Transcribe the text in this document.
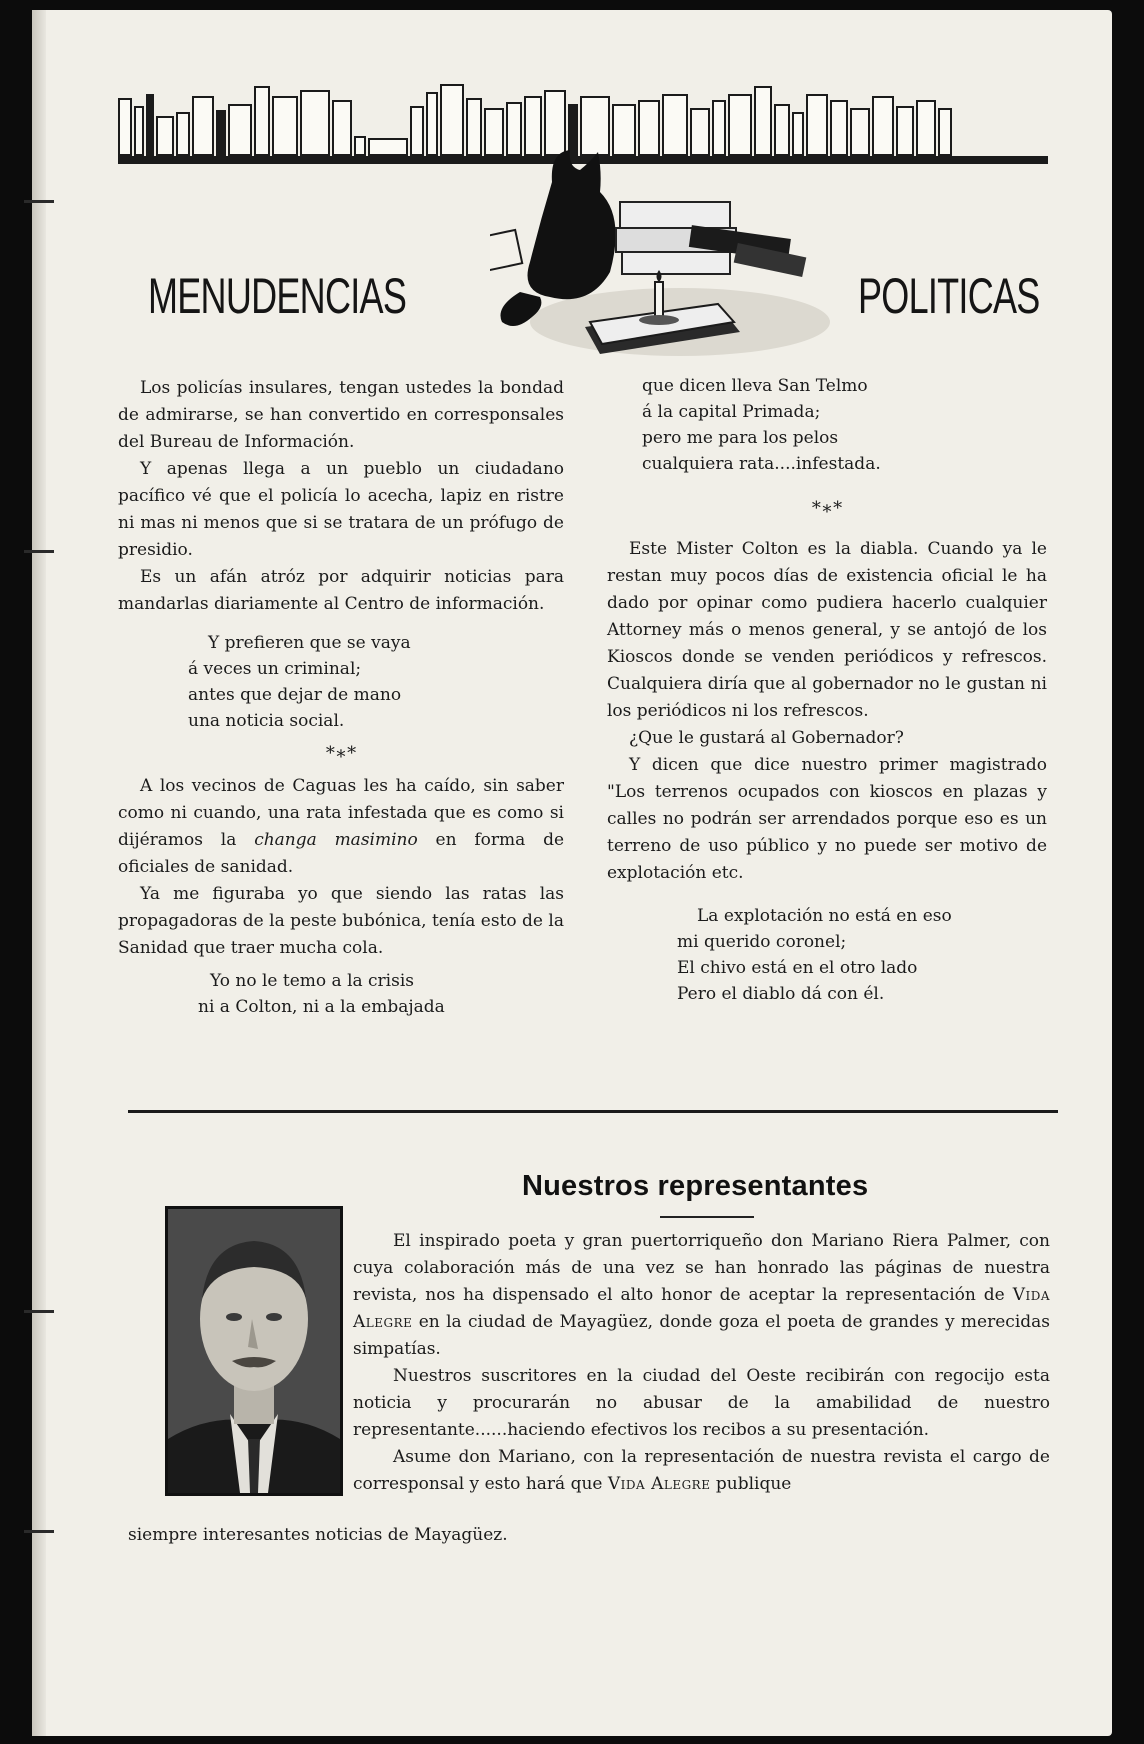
MENUDENCIAS	POLITICAS

Los policías insulares, tengan ustedes la bondad de admirarse, se han convertido en corresponsales del Bureau de Información.

Y apenas llega a un pueblo un ciudadano pacífico vé que el policía lo acecha, lapiz en ristre ni mas ni menos que si se tratara de un prófugo de presidio.

Es un afán atróz por adquirir noticias para mandarlas diariamente al Centro de información.

Y prefieren que se vaya
á veces un criminal;
antes que dejar de mano
una noticia social.
*∗*

A los vecinos de Caguas les ha caído, sin saber como ni cuando, una rata infestada que es como si dijéramos la changa masimino en forma de oficiales de sanidad.

Ya me figuraba yo que siendo las ratas las propagadoras de la peste bubónica, tenía esto de la Sanidad que traer mucha cola.

Yo no le temo a la crisis
ni a Colton, ni a la embajada
que dicen lleva San Telmo
á la capital Primada;
pero me para los pelos
cualquiera rata....infestada.
*∗*

Este Mister Colton es la diabla. Cuando ya le restan muy pocos días de existencia oficial le ha dado por opinar como pudiera hacerlo cualquier Attorney más o menos general, y se antojó de los Kioscos donde se venden periódicos y refrescos. Cualquiera diría que al gobernador no le gustan ni los periódicos ni los refrescos.

¿Que le gustará al Gobernador?

Y dicen que dice nuestro primer magistrado "Los terrenos ocupados con kioscos en plazas y calles no podrán ser arrendados porque eso es un terreno de uso público y no puede ser motivo de explotación etc.

La explotación no está en eso
mi querido coronel;
El chivo está en el otro lado
Pero el diablo dá con él.
Nuestros representantes

El inspirado poeta y gran puertorriqueño don Mariano Riera Palmer, con cuya colaboración más de una vez se han honrado las páginas de nuestra revista, nos ha dispensado el alto honor de aceptar la representación de Vida Alegre en la ciudad de Mayagüez, donde goza el poeta de grandes y merecidas simpatías.

Nuestros suscritores en la ciudad del Oeste recibirán con regocijo esta noticia y procurarán no abusar de la amabilidad de nuestro representante......haciendo efectivos los recibos a su presentación.

Asume don Mariano, con la representación de nuestra revista el cargo de corresponsal y esto hará que Vida Alegre publique

siempre interesantes noticias de Mayagüez.
